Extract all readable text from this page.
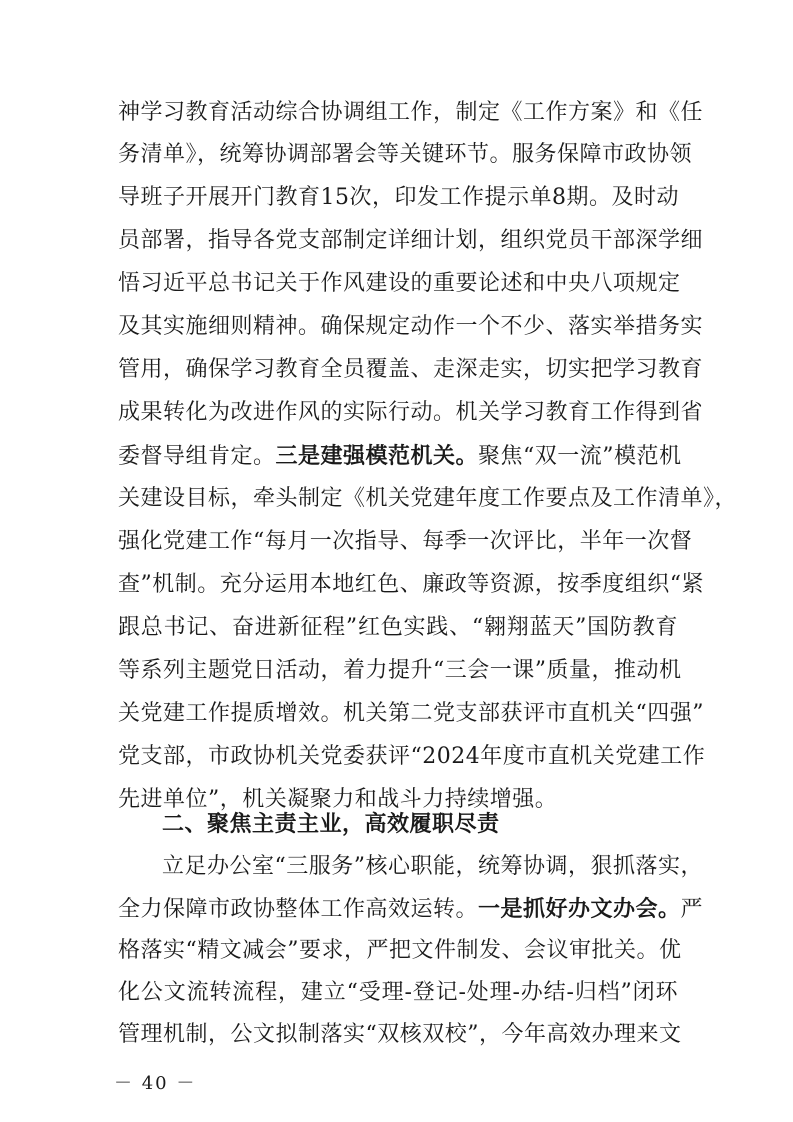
神学习教育活动综合协调组工作，制定《工作方案》和《任
务清单》，统筹协调部署会等关键环节。服务保障市政协领
导班子开展开门教育15次，印发工作提示单8期。及时动
员部署，指导各党支部制定详细计划，组织党员干部深学细
悟习近平总书记关于作风建设的重要论述和中央八项规定
及其实施细则精神。确保规定动作一个不少、落实举措务实
管用，确保学习教育全员覆盖、走深走实，切实把学习教育
成果转化为改进作风的实际行动。机关学习教育工作得到省
委督导组肯定。三是建强模范机关。聚焦“双一流”模范机
关建设目标，牵头制定《机关党建年度工作要点及工作清单》，
强化党建工作“每月一次指导、每季一次评比，半年一次督
查”机制。充分运用本地红色、廉政等资源，按季度组织“紧
跟总书记、奋进新征程”红色实践、“翱翔蓝天”国防教育
等系列主题党日活动，着力提升“三会一课”质量，推动机
关党建工作提质增效。机关第二党支部获评市直机关“四强”
党支部，市政协机关党委获评“2024年度市直机关党建工作
先进单位”，机关凝聚力和战斗力持续增强。
二、聚焦主责主业，高效履职尽责
立足办公室“三服务”核心职能，统筹协调，狠抓落实，
全力保障市政协整体工作高效运转。一是抓好办文办会。严
格落实“精文减会”要求，严把文件制发、会议审批关。优
化公文流转流程，建立“受理-登记-处理-办结-归档”闭环
管理机制，公文拟制落实“双核双校”，今年高效办理来文
－ 40 －
